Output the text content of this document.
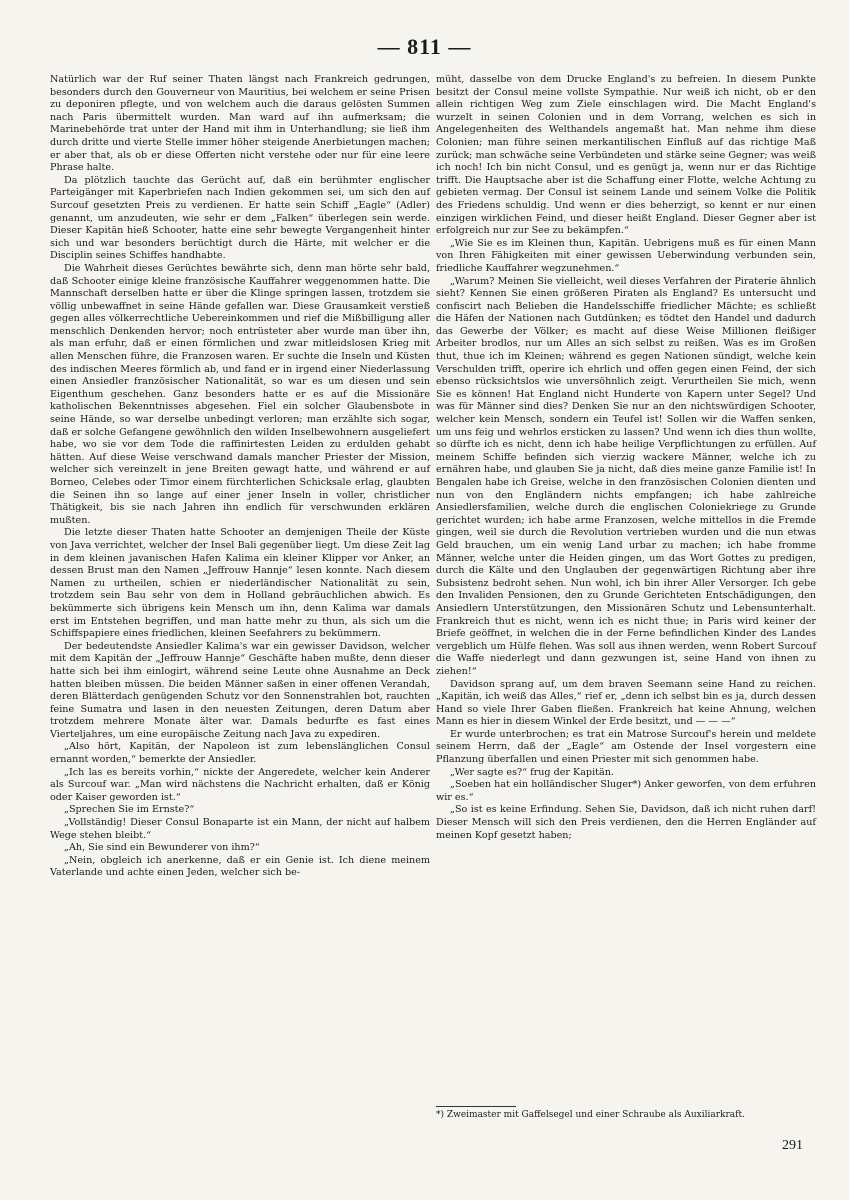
— 811 —

Natürlich war der Ruf seiner Thaten längst nach Frankreich gedrungen, besonders durch den Gouverneur von Mauritius, bei welchem er seine Prisen zu deponiren pflegte, und von welchem auch die daraus gelösten Summen nach Paris übermittelt wurden. Man ward auf ihn aufmerksam; die Marinebehörde trat unter der Hand mit ihm in Unterhandlung; sie ließ ihm durch dritte und vierte Stelle immer höher steigende Anerbietungen machen; er aber that, als ob er diese Offerten nicht verstehe oder nur für eine leere Phrase halte.

Da plötzlich tauchte das Gerücht auf, daß ein berühmter englischer Parteigänger mit Kaperbriefen nach Indien gekommen sei, um sich den auf Surcouf gesetzten Preis zu verdienen. Er hatte sein Schiff „Eagle“ (Adler) genannt, um anzudeuten, wie sehr er dem „Falken“ überlegen sein werde. Dieser Kapitän hieß Schooter, hatte eine sehr bewegte Vergangenheit hinter sich und war besonders berüchtigt durch die Härte, mit welcher er die Disciplin seines Schiffes handhabte.

Die Wahrheit dieses Gerüchtes bewährte sich, denn man hörte sehr bald, daß Schooter einige kleine französische Kauffahrer weggenommen hatte. Die Mannschaft derselben hatte er über die Klinge springen lassen, trotzdem sie völlig unbewaffnet in seine Hände gefallen war. Diese Grausamkeit verstieß gegen alles völkerrechtliche Uebereinkommen und rief die Mißbilligung aller menschlich Denkenden hervor; noch entrüsteter aber wurde man über ihn, als man erfuhr, daß er einen förmlichen und zwar mitleidslosen Krieg mit allen Menschen führe, die Franzosen waren. Er suchte die Inseln und Küsten des indischen Meeres förmlich ab, und fand er in irgend einer Niederlassung einen Ansiedler französischer Nationalität, so war es um diesen und sein Eigenthum geschehen. Ganz besonders hatte er es auf die Missionäre katholischen Bekenntnisses abgesehen. Fiel ein solcher Glaubensbote in seine Hände, so war derselbe unbedingt verloren; man erzählte sich sogar, daß er solche Gefangene gewöhnlich den wilden Inselbewohnern ausgeliefert habe, wo sie vor dem Tode die raffinirtesten Leiden zu erdulden gehabt hätten. Auf diese Weise verschwand damals mancher Priester der Mission, welcher sich vereinzelt in jene Breiten gewagt hatte, und während er auf Borneo, Celebes oder Timor einem fürchterlichen Schicksale erlag, glaubten die Seinen ihn so lange auf einer jener Inseln in voller, christlicher Thätigkeit, bis sie nach Jahren ihn endlich für verschwunden erklären mußten.

Die letzte dieser Thaten hatte Schooter an demjenigen Theile der Küste von Java verrichtet, welcher der Insel Bali gegenüber liegt. Um diese Zeit lag in dem kleinen javanischen Hafen Kalima ein kleiner Klipper vor Anker, an dessen Brust man den Namen „Jeffrouw Hannje“ lesen konnte. Nach diesem Namen zu urtheilen, schien er niederländischer Nationalität zu sein, trotzdem sein Bau sehr von dem in Holland gebräuchlichen abwich. Es bekümmerte sich übrigens kein Mensch um ihn, denn Kalima war damals erst im Entstehen begriffen, und man hatte mehr zu thun, als sich um die Schiffspapiere eines friedlichen, kleinen Seefahrers zu bekümmern.

Der bedeutendste Ansiedler Kalima's war ein gewisser Davidson, welcher mit dem Kapitän der „Jeffrouw Hannje“ Geschäfte haben mußte, denn dieser hatte sich bei ihm einlogirt, während seine Leute ohne Ausnahme an Deck hatten bleiben müssen. Die beiden Männer saßen in einer offenen Verandah, deren Blätterdach genügenden Schutz vor den Sonnenstrahlen bot, rauchten feine Sumatra und lasen in den neuesten Zeitungen, deren Datum aber trotzdem mehrere Monate älter war. Damals bedurfte es fast eines Vierteljahres, um eine europäische Zeitung nach Java zu expediren.

„Also hört, Kapitän, der Napoleon ist zum lebenslänglichen Consul ernannt worden,“ bemerkte der Ansiedler.

„Ich las es bereits vorhin,“ nickte der Angeredete, welcher kein Anderer als Surcouf war. „Man wird nächstens die Nachricht erhalten, daß er König oder Kaiser geworden ist.“

„Sprechen Sie im Ernste?“

„Vollständig! Dieser Consul Bonaparte ist ein Mann, der nicht auf halbem Wege stehen bleibt.“

„Ah, Sie sind ein Bewunderer von ihm?“

„Nein, obgleich ich anerkenne, daß er ein Genie ist. Ich diene meinem Vaterlande und achte einen Jeden, welcher sich be-

müht, dasselbe von dem Drucke England's zu befreien. In diesem Punkte besitzt der Consul meine vollste Sympathie. Nur weiß ich nicht, ob er den allein richtigen Weg zum Ziele einschlagen wird. Die Macht England's wurzelt in seinen Colonien und in dem Vorrang, welchen es sich in Angelegenheiten des Welthandels angemaßt hat. Man nehme ihm diese Colonien; man führe seinen merkantilischen Einfluß auf das richtige Maß zurück; man schwäche seine Verbündeten und stärke seine Gegner; was weiß ich noch! Ich bin nicht Consul, und es genügt ja, wenn nur er das Richtige trifft. Die Hauptsache aber ist die Schaffung einer Flotte, welche Achtung zu gebieten vermag. Der Consul ist seinem Lande und seinem Volke die Politik des Friedens schuldig. Und wenn er dies beherzigt, so kennt er nur einen einzigen wirklichen Feind, und dieser heißt England. Dieser Gegner aber ist erfolgreich nur zur See zu bekämpfen.“

„Wie Sie es im Kleinen thun, Kapitän. Uebrigens muß es für einen Mann von Ihren Fähigkeiten mit einer gewissen Ueberwindung verbunden sein, friedliche Kauffahrer wegzunehmen.“

„Warum? Meinen Sie vielleicht, weil dieses Verfahren der Piraterie ähnlich sieht? Kennen Sie einen größeren Piraten als England? Es untersucht und confiscirt nach Belieben die Handelsschiffe friedlicher Mächte; es schließt die Häfen der Nationen nach Gutdünken; es tödtet den Handel und dadurch das Gewerbe der Völker; es macht auf diese Weise Millionen fleißiger Arbeiter brodlos, nur um Alles an sich selbst zu reißen. Was es im Großen thut, thue ich im Kleinen; während es gegen Nationen sündigt, welche kein Verschulden trifft, operire ich ehrlich und offen gegen einen Feind, der sich ebenso rücksichtslos wie unversöhnlich zeigt. Verurtheilen Sie mich, wenn Sie es können! Hat England nicht Hunderte von Kapern unter Segel? Und was für Männer sind dies? Denken Sie nur an den nichtswürdigen Schooter, welcher kein Mensch, sondern ein Teufel ist! Sollen wir die Waffen senken, um uns feig und wehrlos ersticken zu lassen? Und wenn ich dies thun wollte, so dürfte ich es nicht, denn ich habe heilige Verpflichtungen zu erfüllen. Auf meinem Schiffe befinden sich vierzig wackere Männer, welche ich zu ernähren habe, und glauben Sie ja nicht, daß dies meine ganze Familie ist! In Bengalen habe ich Greise, welche in den französischen Colonien dienten und nun von den Engländern nichts empfangen; ich habe zahlreiche Ansiedlersfamilien, welche durch die englischen Coloniekriege zu Grunde gerichtet wurden; ich habe arme Franzosen, welche mittellos in die Fremde gingen, weil sie durch die Revolution vertrieben wurden und die nun etwas Geld brauchen, um ein wenig Land urbar zu machen; ich habe fromme Männer, welche unter die Heiden gingen, um das Wort Gottes zu predigen, durch die Kälte und den Unglauben der gegenwärtigen Richtung aber ihre Subsistenz bedroht sehen. Nun wohl, ich bin ihrer Aller Versorger. Ich gebe den Invaliden Pensionen, den zu Grunde Gerichteten Entschädigungen, den Ansiedlern Unterstützungen, den Missionären Schutz und Lebensunterhalt. Frankreich thut es nicht, wenn ich es nicht thue; in Paris wird keiner der Briefe geöffnet, in welchen die in der Ferne befindlichen Kinder des Landes vergeblich um Hülfe flehen. Was soll aus ihnen werden, wenn Robert Surcouf die Waffe niederlegt und dann gezwungen ist, seine Hand von ihnen zu ziehen!“

Davidson sprang auf, um dem braven Seemann seine Hand zu reichen. „Kapitän, ich weiß das Alles,“ rief er, „denn ich selbst bin es ja, durch dessen Hand so viele Ihrer Gaben fließen. Frankreich hat keine Ahnung, welchen Mann es hier in diesem Winkel der Erde besitzt, und — — —“

Er wurde unterbrochen; es trat ein Matrose Surcouf's herein und meldete seinem Herrn, daß der „Eagle“ am Ostende der Insel vorgestern eine Pflanzung überfallen und einen Priester mit sich genommen habe.

„Wer sagte es?“ frug der Kapitän.

„Soeben hat ein holländischer Sluger*) Anker geworfen, von dem erfuhren wir es.“

„So ist es keine Erfindung. Sehen Sie, Davidson, daß ich nicht ruhen darf! Dieser Mensch will sich den Preis verdienen, den die Herren Engländer auf meinen Kopf gesetzt haben;

*) Zweimaster mit Gaffelsegel und einer Schraube als Auxiliarkraft.
291
